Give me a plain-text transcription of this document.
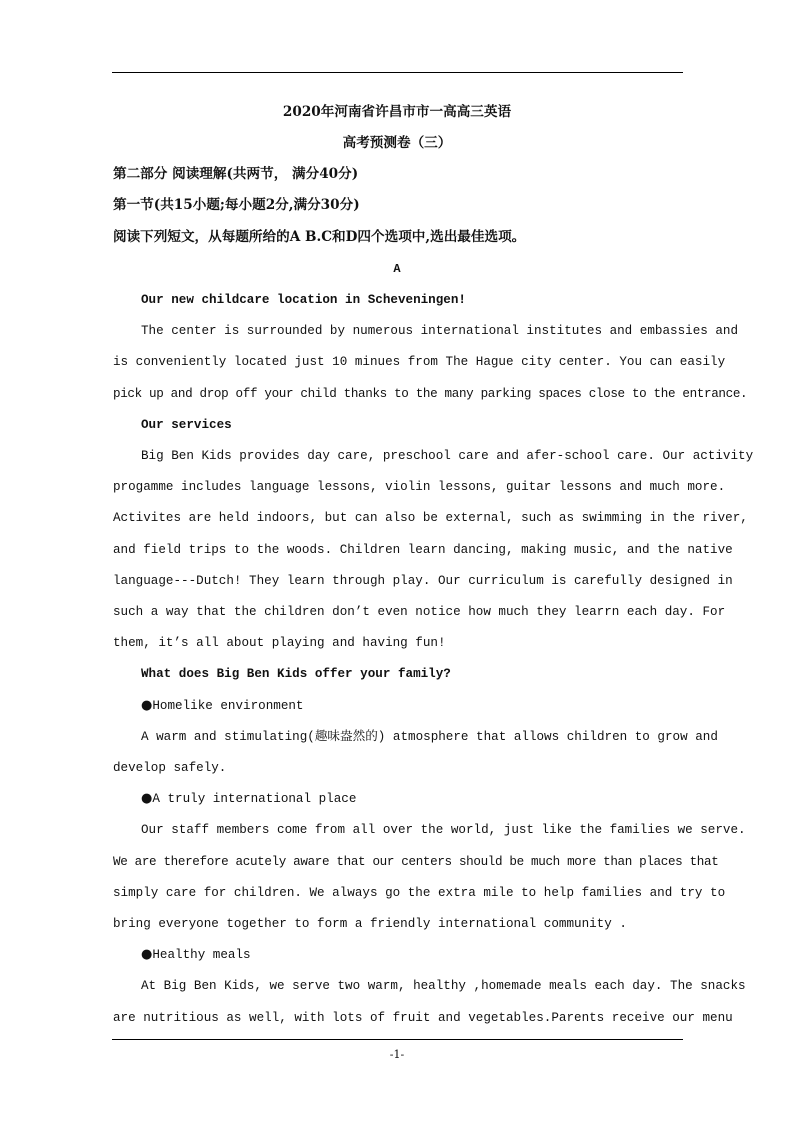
2020年河南省许昌市市一高高三英语
高考预测卷（三）
第二部分 阅读理解(共两节， 满分40分)
第一节(共15小题;每小题2分,满分30分)
阅读下列短文，从每题所给的A B.C和D四个选项中,选出最佳选项。
A
Our new childcare location in Scheveningen!
The center is surrounded by numerous international institutes and embassies and
is conveniently located just 10 minues from The Hague city center. You can easily
pick up and drop off your child thanks to the many parking spaces close to the entrance.
Our services
Big Ben Kids provides day care, preschool care and afer-school care. Our activity
progamme includes language lessons, violin lessons, guitar lessons and much more.
Activites are held indoors, but can also be external, such as swimming in the river,
and field trips to the woods. Children learn dancing, making music, and the native
language---Dutch! They learn through play. Our curriculum is carefully designed in
such a way that the children don’t even notice how much they learrn each day. For
them, it’s all about playing and having fun!
What does Big Ben Kids offer your family?
●Homelike environment
A warm and stimulating(趣味盎然的) atmosphere that allows children to grow and
develop safely.
●A truly international place
Our staff members come from all over the world, just like the families we serve.
We are therefore acutely aware that our centers should be much more than places that
simply care for children. We always go the extra mile to help families and try to
bring everyone together to form a friendly international community .
●Healthy meals
At Big Ben Kids, we serve two warm, healthy ,homemade meals each day. The snacks
are nutritious as well, with lots of fruit and vegetables.Parents receive our menu
-1-
